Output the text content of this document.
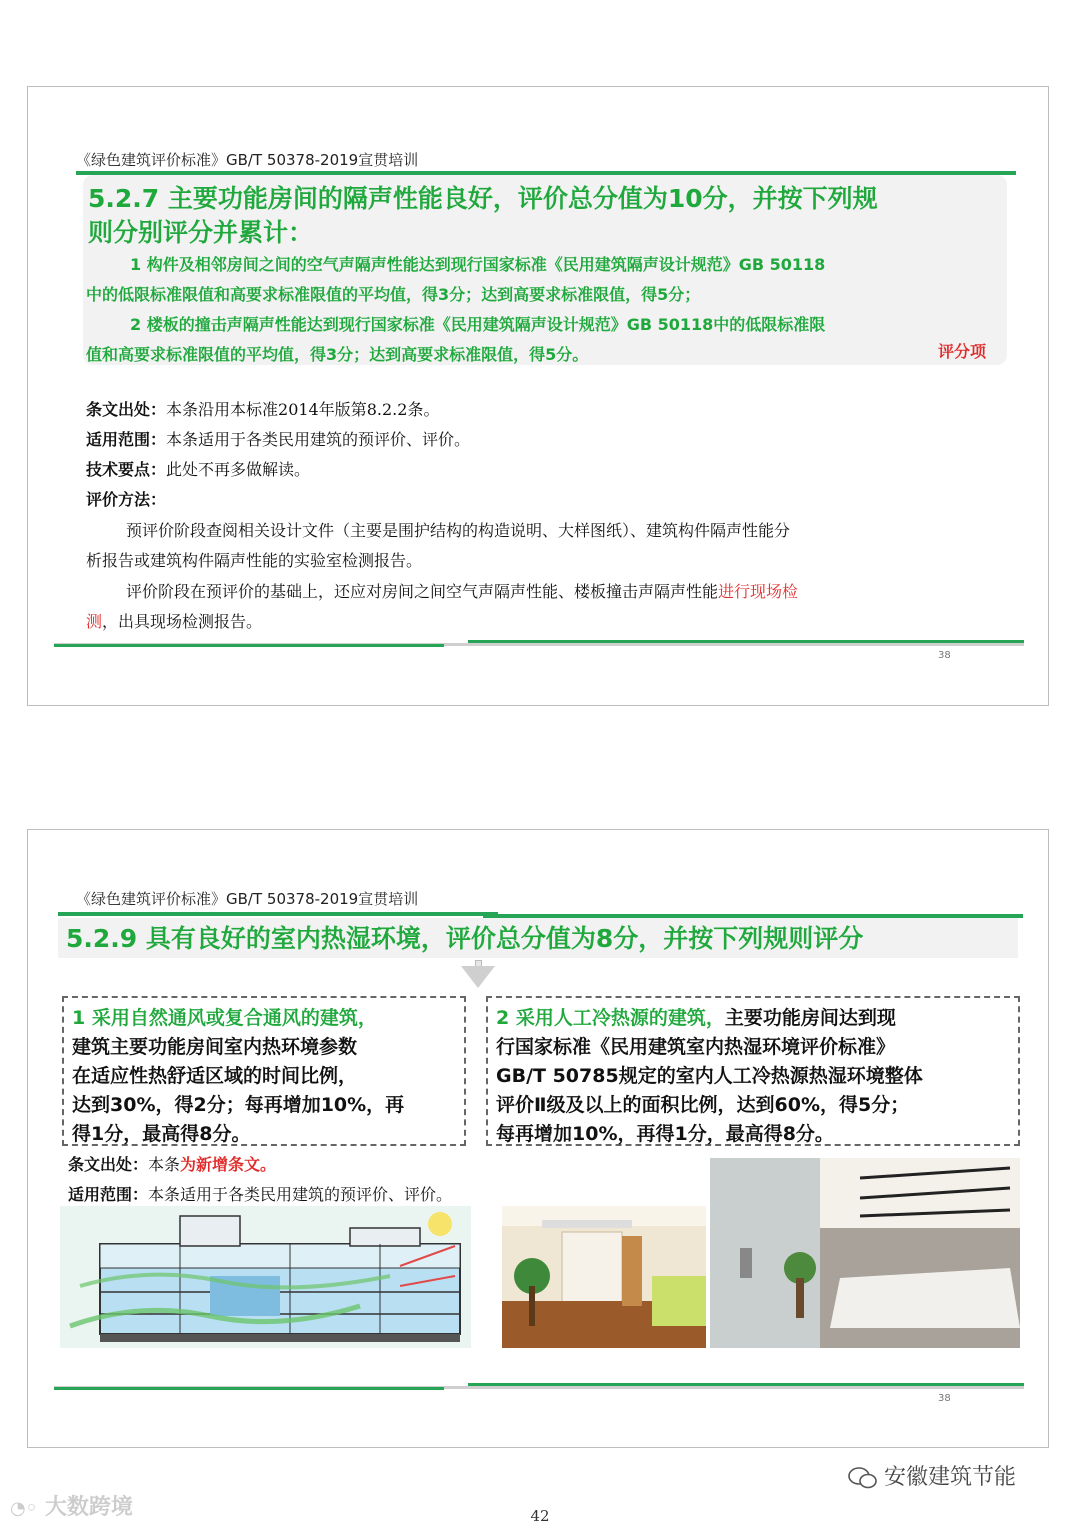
《绿色建筑评价标准》GB/T 50378-2019宣贯培训
5.2.7 主要功能房间的隔声性能良好，评价总分值为10分，并按下列规
则分别评分并累计：
1 构件及相邻房间之间的空气声隔声性能达到现行国家标准《民用建筑隔声设计规范》GB 50118
中的低限标准限值和高要求标准限值的平均值，得3分；达到高要求标准限值，得5分；
2 楼板的撞击声隔声性能达到现行国家标准《民用建筑隔声设计规范》GB 50118中的低限标准限
值和高要求标准限值的平均值，得3分；达到高要求标准限值，得5分。	评分项
条文出处：本条沿用本标准2014年版第8.2.2条。
适用范围：本条适用于各类民用建筑的预评价、评价。
技术要点：此处不再多做解读。
评价方法：
预评价阶段查阅相关设计文件（主要是围护结构的构造说明、大样图纸）、建筑构件隔声性能分
析报告或建筑构件隔声性能的实验室检测报告。
评价阶段在预评价的基础上，还应对房间之间空气声隔声性能、楼板撞击声隔声性能进行现场检
测，出具现场检测报告。
38
《绿色建筑评价标准》GB/T 50378-2019宣贯培训
5.2.9 具有良好的室内热湿环境，评价总分值为8分，并按下列规则评分
1 采用自然通风或复合通风的建筑，
建筑主要功能房间室内热环境参数
在适应性热舒适区域的时间比例，
达到30%，得2分；每再增加10%，再
得1分，最高得8分。
2 采用人工冷热源的建筑，主要功能房间达到现
行国家标准《民用建筑室内热湿环境评价标准》
GB/T 50785规定的室内人工冷热源热湿环境整体
评价Ⅱ级及以上的面积比例，达到60%，得5分；
每再增加10%，再得1分，最高得8分。
条文出处：本条为新增条文。
适用范围：本条适用于各类民用建筑的预评价、评价。
38
◔◦ 大数跨境
安徽建筑节能
42
